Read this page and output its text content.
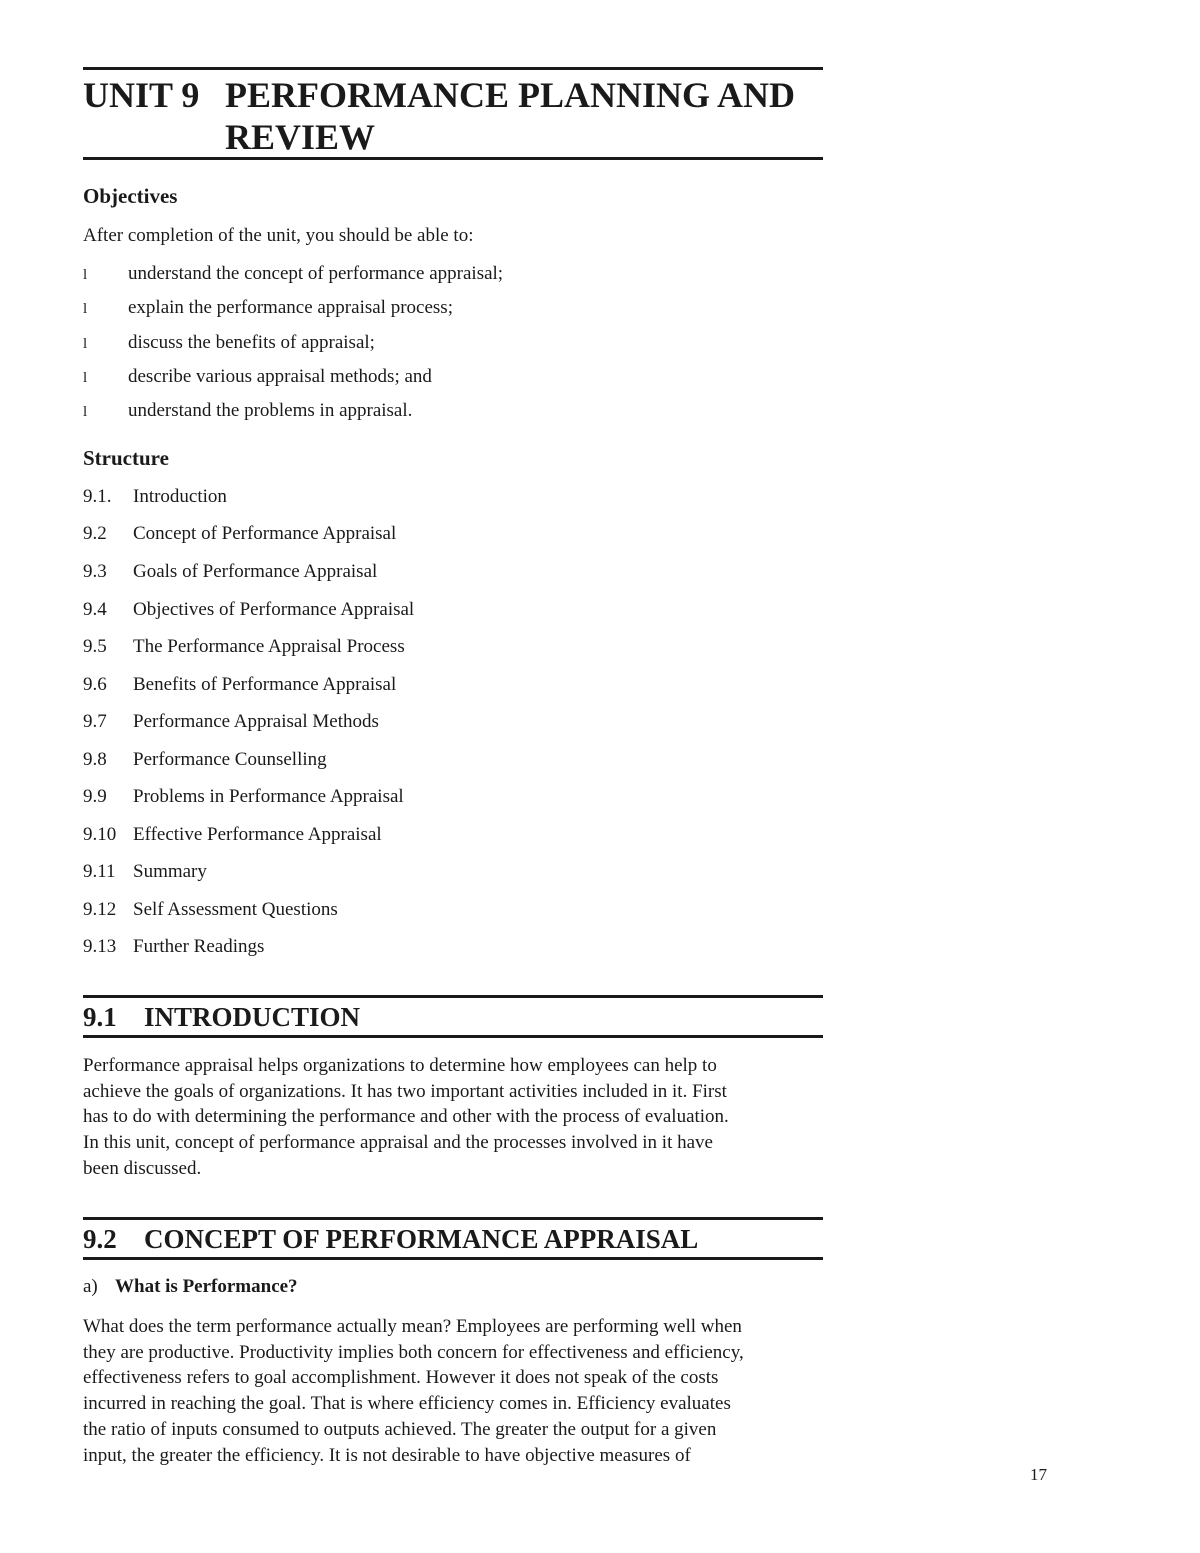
UNIT 9 PERFORMANCE PLANNING AND REVIEW
Objectives
After completion of the unit, you should be able to:
l understand the concept of performance appraisal;
l explain the performance appraisal process;
l discuss the benefits of appraisal;
l describe various appraisal methods; and
l understand the problems in appraisal.
Structure
9.1. Introduction
9.2 Concept of Performance Appraisal
9.3 Goals of Performance Appraisal
9.4 Objectives of Performance Appraisal
9.5 The Performance Appraisal Process
9.6 Benefits of Performance Appraisal
9.7 Performance Appraisal Methods
9.8 Performance Counselling
9.9 Problems in Performance Appraisal
9.10 Effective Performance Appraisal
9.11 Summary
9.12 Self Assessment Questions
9.13 Further Readings
9.1 INTRODUCTION
Performance appraisal helps organizations to determine how employees can help to
achieve the goals of organizations. It has two important activities included in it. First
has to do with determining the performance and other with the process of evaluation.
In this unit, concept of performance appraisal and the processes involved in it have
been discussed.
9.2 CONCEPT OF PERFORMANCE APPRAISAL
a) What is Performance?
What does the term performance actually mean? Employees are performing well when
they are productive. Productivity implies both concern for effectiveness and efficiency,
effectiveness refers to goal accomplishment. However it does not speak of the costs
incurred in reaching the goal. That is where efficiency comes in. Efficiency evaluates
the ratio of inputs consumed to outputs achieved. The greater the output for a given
input, the greater the efficiency. It is not desirable to have objective measures of
17
